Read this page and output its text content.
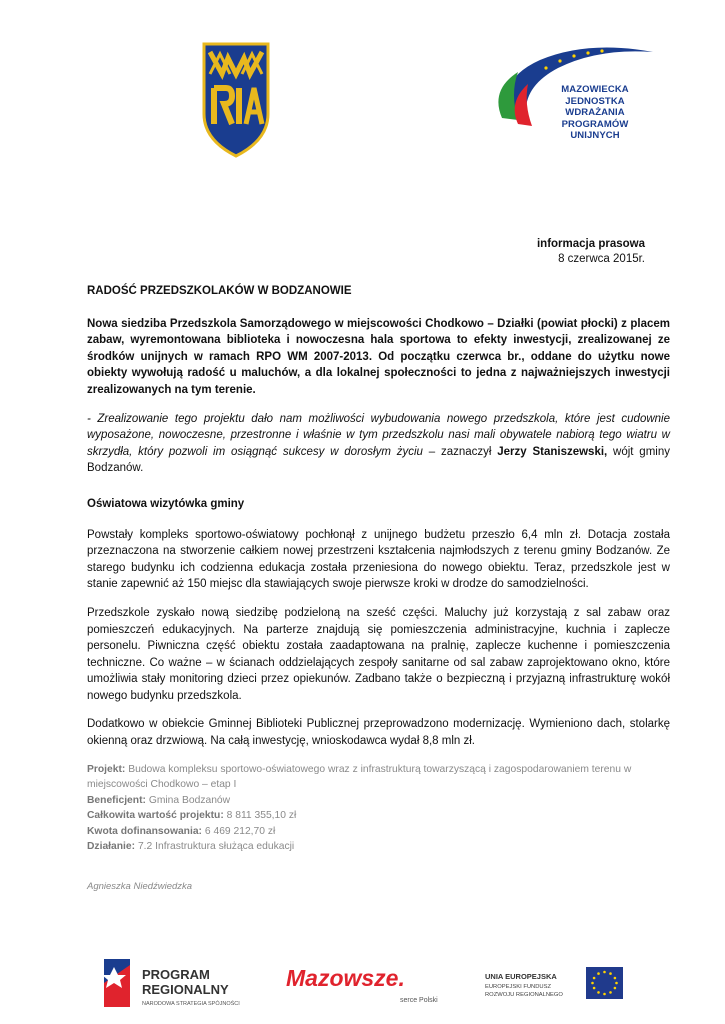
MAZOWIECKA JEDNOSTKA
WDRAŻANIA
PROGRAMÓW UNIJNYCH
informacja prasowa
8 czerwca 2015r.
RADOŚĆ PRZEDSZKOLAKÓW W BODZANOWIE
Nowa siedziba Przedszkola Samorządowego w miejscowości Chodkowo – Działki (powiat płocki) z placem zabaw, wyremontowana biblioteka i nowoczesna hala sportowa to efekty inwestycji, zrealizowanej ze środków unijnych w ramach RPO WM 2007-2013. Od początku czerwca br., oddane do użytku nowe obiekty wywołują radość u maluchów, a dla lokalnej społeczności to jedna z najważniejszych inwestycji zrealizowanych na tym terenie.
- Zrealizowanie tego projektu dało nam możliwości wybudowania nowego przedszkola, które jest cudownie wyposażone, nowoczesne, przestronne i właśnie w tym przedszkolu nasi mali obywatele nabiorą tego wiatru w skrzydła, który pozwoli im osiągnąć sukcesy w dorosłym życiu – zaznaczył Jerzy Staniszewski, wójt gminy Bodzanów.
Oświatowa wizytówka gminy
Powstały kompleks sportowo-oświatowy pochłonął z unijnego budżetu przeszło 6,4 mln zł. Dotacja została przeznaczona na stworzenie całkiem nowej przestrzeni kształcenia najmłodszych z terenu gminy Bodzanów. Ze starego budynku ich codzienna edukacja została przeniesiona do nowego obiektu. Teraz, przedszkole jest w stanie zapewnić aż 150 miejsc dla stawiających swoje pierwsze kroki w drodze do samodzielności.
Przedszkole zyskało nową siedzibę podzieloną na sześć części. Maluchy już korzystają z sal zabaw oraz pomieszczeń edukacyjnych. Na parterze znajdują się pomieszczenia administracyjne, kuchnia i zaplecze personelu. Piwniczna część obiektu została zaadaptowana na pralnię, zaplecze kuchenne i pomieszczenia techniczne. Co ważne – w ścianach oddzielających zespoły sanitarne od sal zabaw zaprojektowano okno, które umożliwia stały monitoring dzieci przez opiekunów. Zadbano także o bezpieczną i przyjazną infrastrukturę wokół nowego budynku przedszkola.
Dodatkowo w obiekcie Gminnej Biblioteki Publicznej przeprowadzono modernizację. Wymieniono dach, stolarkę okienną oraz drzwiową. Na całą inwestycję, wnioskodawca wydał 8,8 mln zł.
Projekt: Budowa kompleksu sportowo-oświatowego wraz z infrastrukturą towarzyszącą i zagospodarowaniem terenu w miejscowości Chodkowo – etap I
Beneficjent: Gmina Bodzanów
Całkowita wartość projektu: 8 811 355,10 zł
Kwota dofinansowania: 6 469 212,70 zł
Działanie: 7.2 Infrastruktura służąca edukacji
Agnieszka Niedźwiedzka
PROGRAM
REGIONALNY
NARODOWA STRATEGIA SPÓJNOŚCI
Mazowsze.
serce Polski
UNIA EUROPEJSKA
EUROPEJSKI FUNDUSZ
ROZWOJU REGIONALNEGO
